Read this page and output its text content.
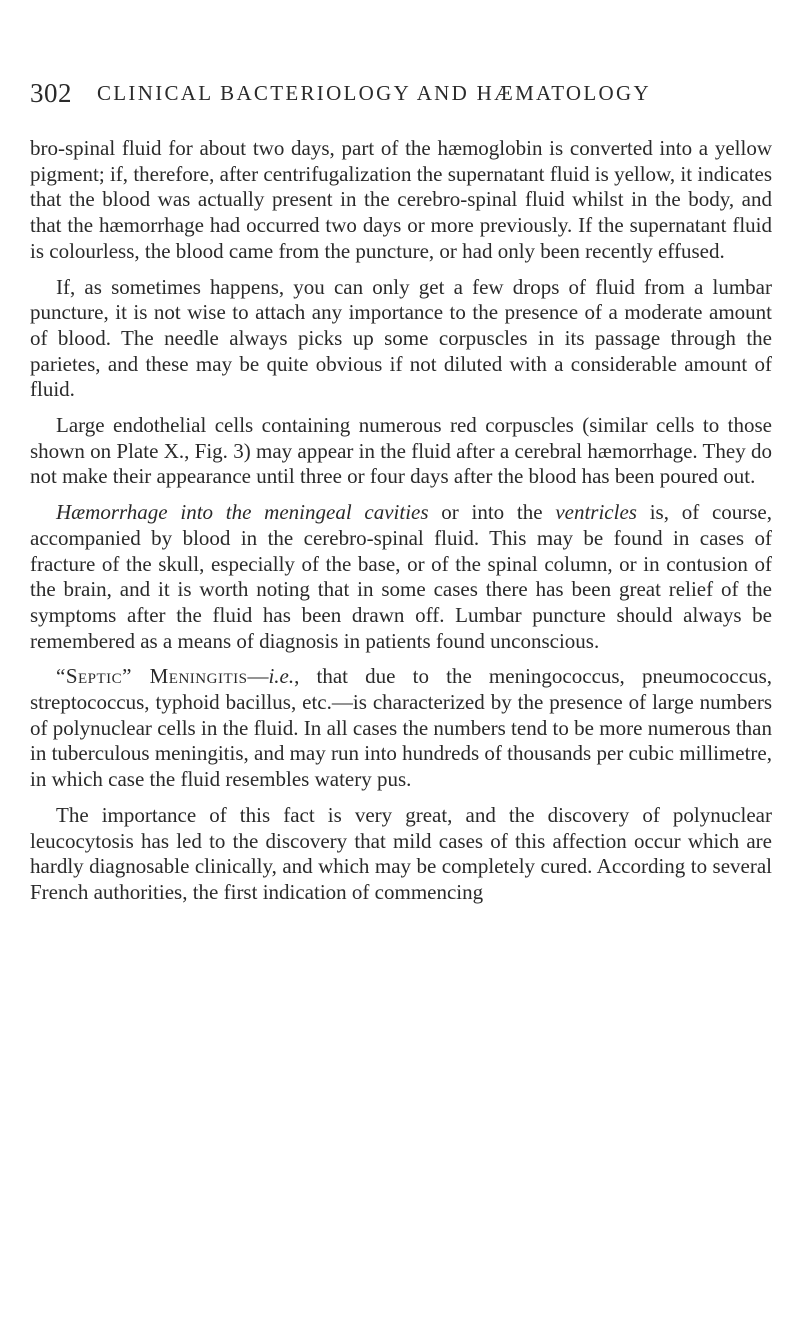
302 CLINICAL BACTERIOLOGY AND HÆMATOLOGY

bro-spinal fluid for about two days, part of the hæmoglobin is converted into a yellow pigment; if, therefore, after centrifugalization the supernatant fluid is yellow, it indicates that the blood was actually present in the cerebro-spinal fluid whilst in the body, and that the hæmorrhage had occurred two days or more previously. If the supernatant fluid is colourless, the blood came from the puncture, or had only been recently effused.

If, as sometimes happens, you can only get a few drops of fluid from a lumbar puncture, it is not wise to attach any importance to the presence of a moderate amount of blood. The needle always picks up some corpuscles in its passage through the parietes, and these may be quite obvious if not diluted with a considerable amount of fluid.

Large endothelial cells containing numerous red corpuscles (similar cells to those shown on Plate X., Fig. 3) may appear in the fluid after a cerebral hæmorrhage. They do not make their appearance until three or four days after the blood has been poured out.

Hæmorrhage into the meningeal cavities or into the ventricles is, of course, accompanied by blood in the cerebro-spinal fluid. This may be found in cases of fracture of the skull, especially of the base, or of the spinal column, or in contusion of the brain, and it is worth noting that in some cases there has been great relief of the symptoms after the fluid has been drawn off. Lumbar puncture should always be remembered as a means of diagnosis in patients found unconscious.

“Septic” Meningitis—i.e., that due to the meningococcus, pneumococcus, streptococcus, typhoid bacillus, etc.—is characterized by the presence of large numbers of polynuclear cells in the fluid. In all cases the numbers tend to be more numerous than in tuberculous meningitis, and may run into hundreds of thousands per cubic millimetre, in which case the fluid resembles watery pus.

The importance of this fact is very great, and the discovery of polynuclear leucocytosis has led to the discovery that mild cases of this affection occur which are hardly diagnosable clinically, and which may be completely cured. According to several French authorities, the first indication of commencing
